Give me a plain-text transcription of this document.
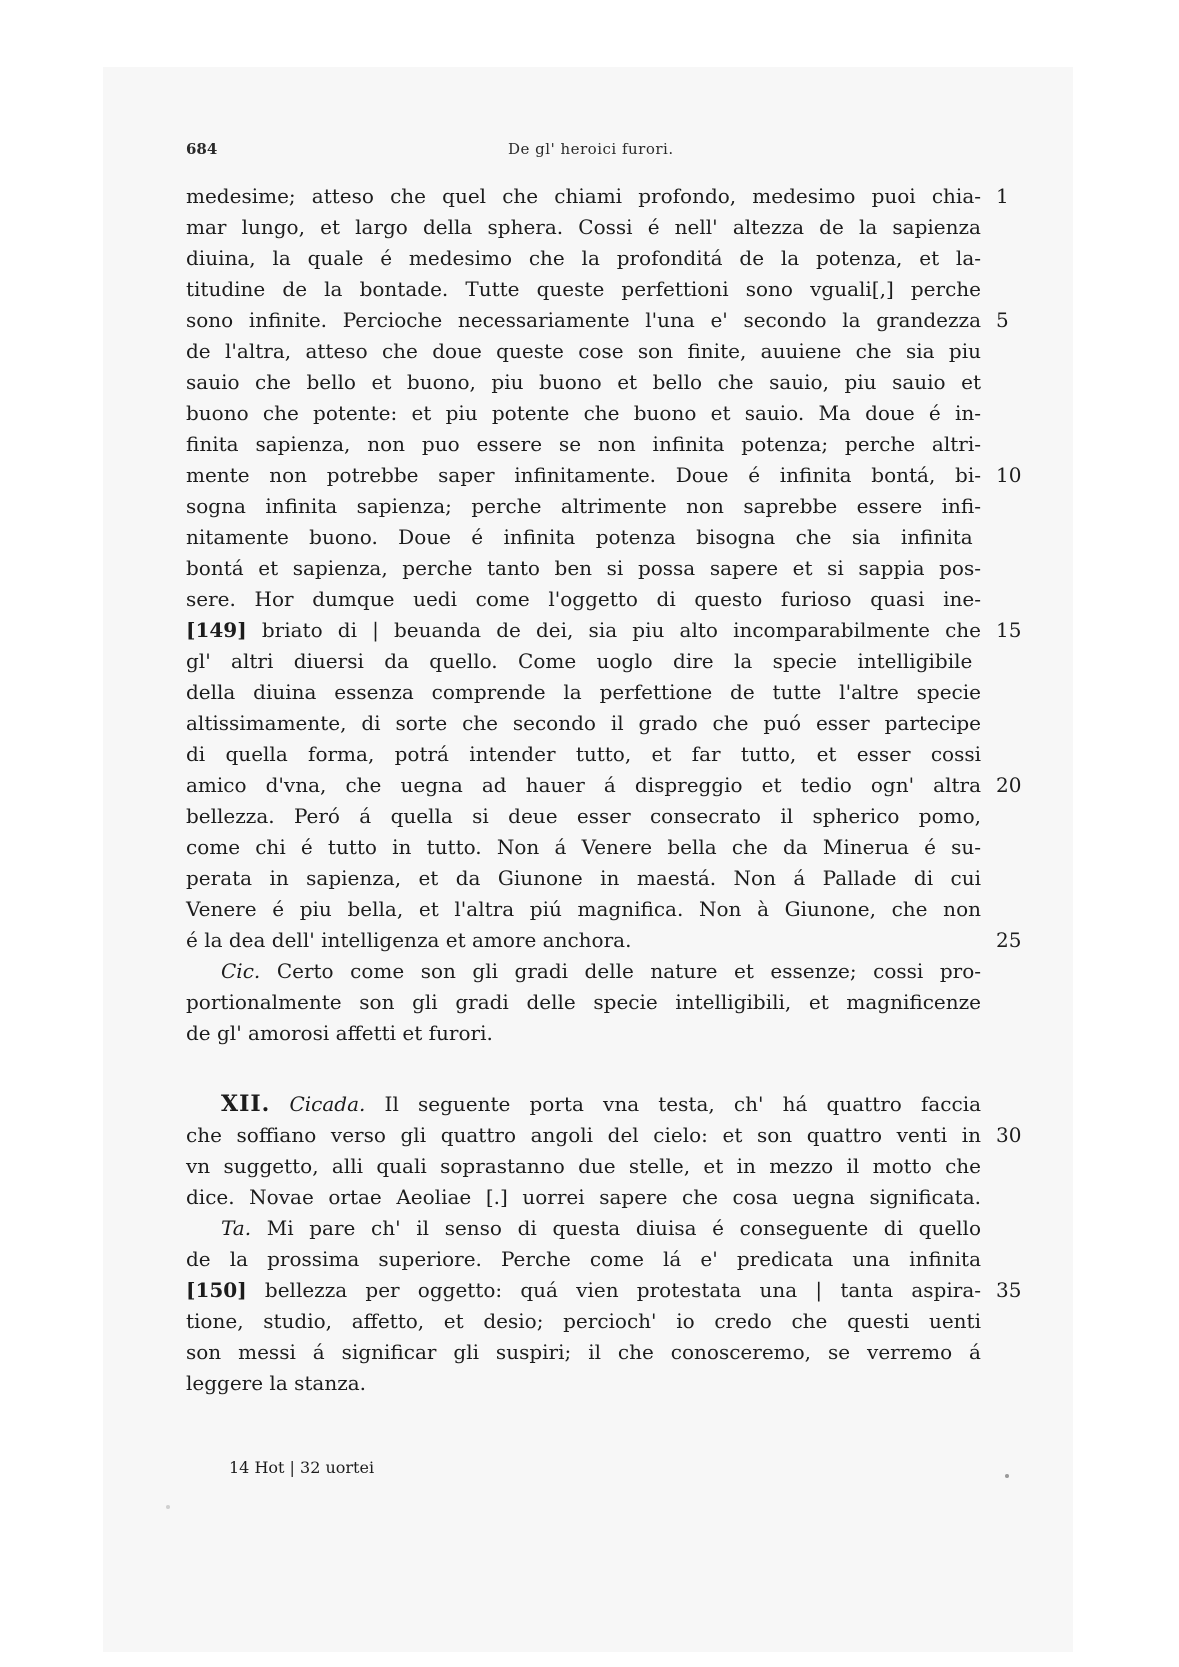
684	De gl' heroici furori.
medesime; atteso che quel che chiami profondo, medesimo puoi chia- 1
mar lungo, et largo della sphera. Cossi é nell' altezza de la sapienza
diuina, la quale é medesimo che la profonditá de la potenza, et la-
titudine de la bontade. Tutte queste perfettioni sono vguali[,] perche
sono infinite. Percioche necessariamente l'una e' secondo la grandezza 5
de l'altra, atteso che doue queste cose son finite, auuiene che sia piu
sauio che bello et buono, piu buono et bello che sauio, piu sauio et
buono che potente: et piu potente che buono et sauio. Ma doue é in-
finita sapienza, non puo essere se non infinita potenza; perche altri-
mente non potrebbe saper infinitamente. Doue é infinita bontá, bi- 10
sogna infinita sapienza; perche altrimente non saprebbe essere infi-
nitamente buono. Doue é infinita potenza bisogna che sia infinita
bontá et sapienza, perche tanto ben si possa sapere et si sappia pos-
sere. Hor dumque uedi come l'oggetto di questo furioso quasi ine-
[149] briato di | beuanda de dei, sia piu alto incomparabilmente che 15
gl' altri diuersi da quello. Come uoglo dire la specie intelligibile
della diuina essenza comprende la perfettione de tutte l'altre specie
altissimamente, di sorte che secondo il grado che puó esser partecipe
di quella forma, potrá intender tutto, et far tutto, et esser cossi
amico d'vna, che uegna ad hauer á dispreggio et tedio ogn' altra 20
bellezza. Peró á quella si deue esser consecrato il spherico pomo,
come chi é tutto in tutto. Non á Venere bella che da Minerua é su-
perata in sapienza, et da Giunone in maestá. Non á Pallade di cui
Venere é piu bella, et l'altra piú magnifica. Non à Giunone, che non
é la dea dell' intelligenza et amore anchora.	25
Cic. Certo come son gli gradi delle nature et essenze; cossi pro-
portionalmente son gli gradi delle specie intelligibili, et magnificenze
de gl' amorosi affetti et furori.
XII. Cicada. Il seguente porta vna testa, ch' há quattro faccia
che soffiano verso gli quattro angoli del cielo: et son quattro venti in 30
vn suggetto, alli quali soprastanno due stelle, et in mezzo il motto che
dice. Novae ortae Aeoliae [.] uorrei sapere che cosa uegna significata.
Ta. Mi pare ch' il senso di questa diuisa é conseguente di quello
de la prossima superiore. Perche come lá e' predicata una infinita
[150] bellezza per oggetto: quá vien protestata una | tanta aspira- 35
tione, studio, affetto, et desio; percioch' io credo che questi uenti
son messi á significar gli suspiri; il che conosceremo, se verremo á
leggere la stanza.
14 Hot | 32 uortei
